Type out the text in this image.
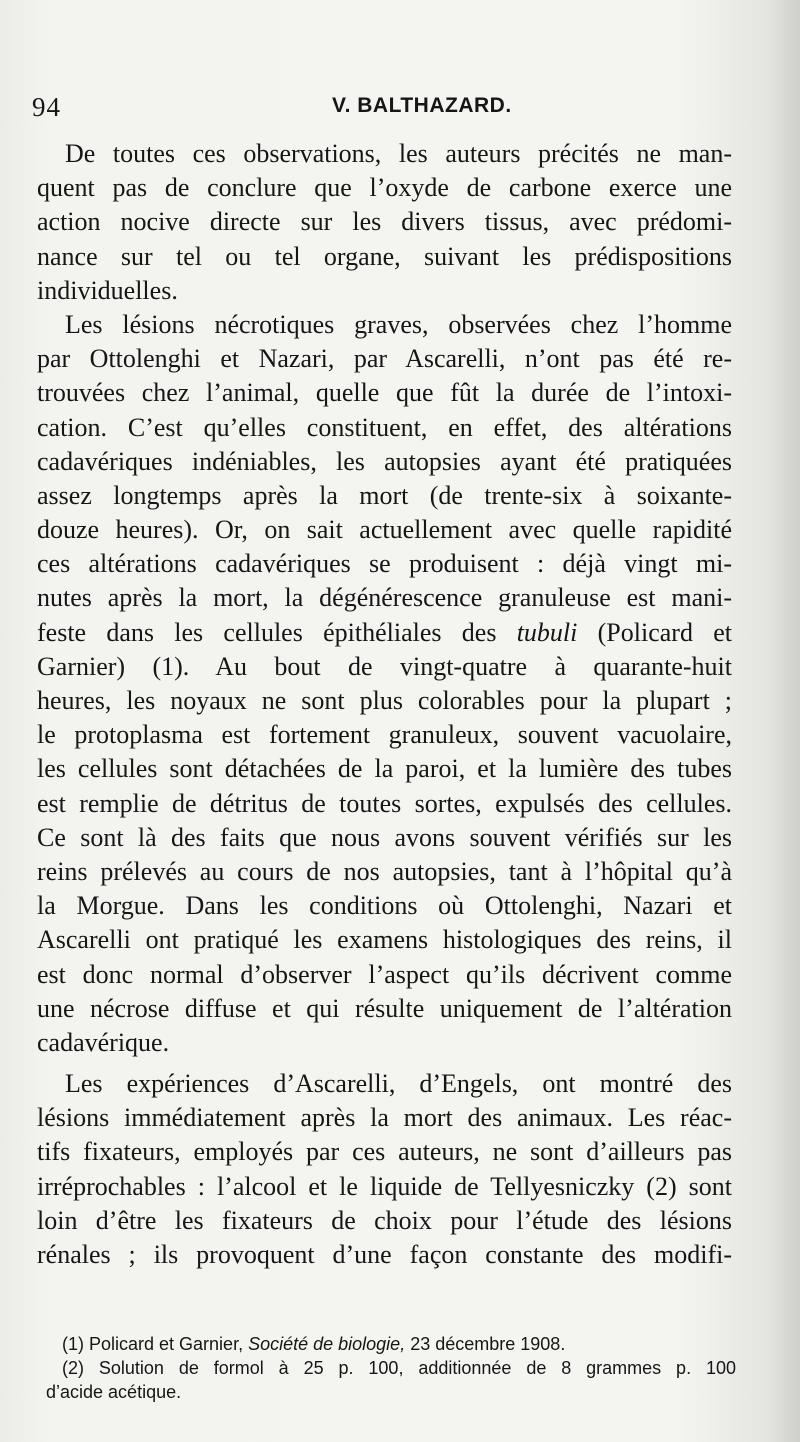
94	V. BALTHAZARD.
De toutes ces observations, les auteurs précités ne man-
quent pas de conclure que l’oxyde de carbone exerce une
action nocive directe sur les divers tissus, avec prédomi-
nance sur tel ou tel organe, suivant les prédispositions
individuelles.
Les lésions nécrotiques graves, observées chez l’homme
par Ottolenghi et Nazari, par Ascarelli, n’ont pas été re-
trouvées chez l’animal, quelle que fût la durée de l’intoxi-
cation. C’est qu’elles constituent, en effet, des altérations
cadavériques indéniables, les autopsies ayant été pratiquées
assez longtemps après la mort (de trente-six à soixante-
douze heures). Or, on sait actuellement avec quelle rapidité
ces altérations cadavériques se produisent : déjà vingt mi-
nutes après la mort, la dégénérescence granuleuse est mani-
feste dans les cellules épithéliales des tubuli (Policard et
Garnier) (1). Au bout de vingt-quatre à quarante-huit
heures, les noyaux ne sont plus colorables pour la plupart ;
le protoplasma est fortement granuleux, souvent vacuolaire,
les cellules sont détachées de la paroi, et la lumière des tubes
est remplie de détritus de toutes sortes, expulsés des cellules.
Ce sont là des faits que nous avons souvent vérifiés sur les
reins prélevés au cours de nos autopsies, tant à l’hôpital qu’à
la Morgue. Dans les conditions où Ottolenghi, Nazari et
Ascarelli ont pratiqué les examens histologiques des reins, il
est donc normal d’observer l’aspect qu’ils décrivent comme
une nécrose diffuse et qui résulte uniquement de l’altération
cadavérique.
Les expériences d’Ascarelli, d’Engels, ont montré des
lésions immédiatement après la mort des animaux. Les réac-
tifs fixateurs, employés par ces auteurs, ne sont d’ailleurs pas
irréprochables : l’alcool et le liquide de Tellyesniczky (2) sont
loin d’être les fixateurs de choix pour l’étude des lésions
rénales ; ils provoquent d’une façon constante des modifi-
(1) Policard et Garnier, Société de biologie, 23 décembre 1908.
(2) Solution de formol à 25 p. 100, additionnée de 8 grammes p. 100
d’acide acétique.
